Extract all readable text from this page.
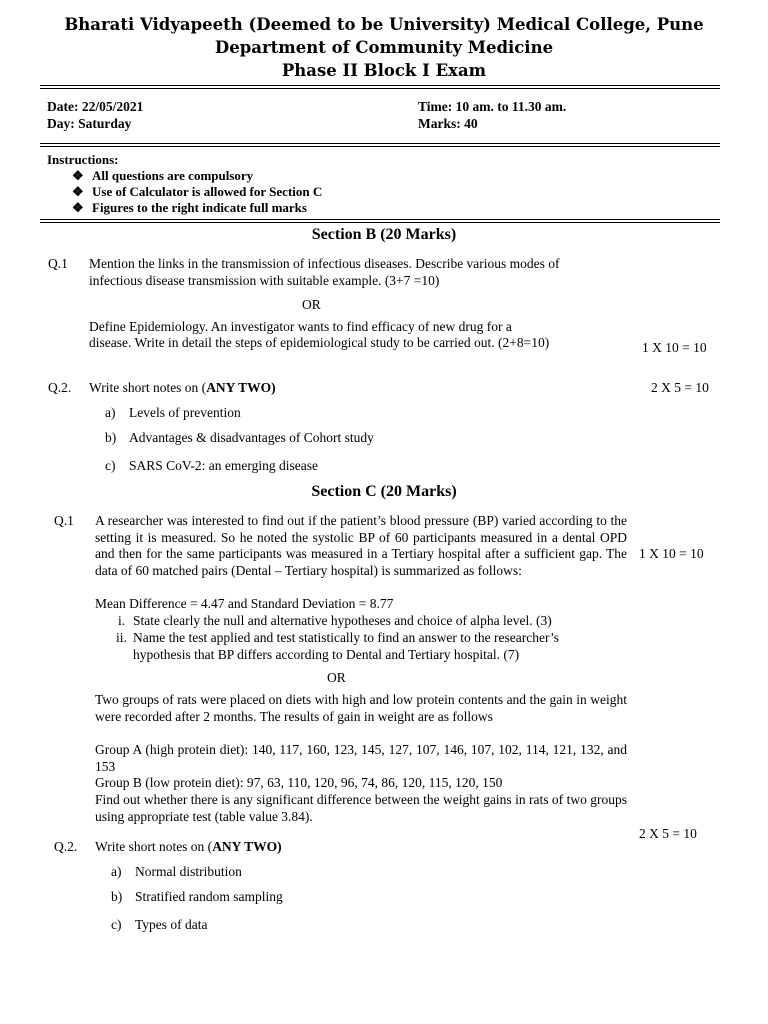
Bharati Vidyapeeth (Deemed to be University) Medical College, Pune
Department of Community Medicine
Phase II Block I Exam
Date: 22/05/2021
Day: Saturday
Time: 10 am. to 11.30 am.
Marks: 40
Instructions:
❖ All questions are compulsory
❖ Use of Calculator is allowed for Section C
❖ Figures to the right indicate full marks
Section B (20 Marks)
Q.1 Mention the links in the transmission of infectious diseases. Describe various modes of
infectious disease transmission with suitable example. (3+7 =10)
OR
Define Epidemiology. An investigator wants to find efficacy of new drug for a
disease. Write in detail the steps of epidemiological study to be carried out. (2+8=10)	1 X 10 = 10
Q.2. Write short notes on (ANY TWO)	2 X 5 = 10
a) Levels of prevention
b) Advantages & disadvantages of Cohort study
c) SARS CoV-2: an emerging disease
Section C (20 Marks)
Q.1 A researcher was interested to find out if the patient’s blood pressure (BP) varied according to the setting it is measured. So he noted the systolic BP of 60 participants measured in a dental OPD and then for the same participants was measured in a Tertiary hospital after a sufficient gap. The data of 60 matched pairs (Dental – Tertiary hospital) is summarized as follows:
1 X 10 = 10
Mean Difference = 4.47 and Standard Deviation = 8.77
i. State clearly the null and alternative hypotheses and choice of alpha level. (3)
ii. Name the test applied and test statistically to find an answer to the researcher’s
hypothesis that BP differs according to Dental and Tertiary hospital. (7)
OR
Two groups of rats were placed on diets with high and low protein contents and the gain in weight were recorded after 2 months. The results of gain in weight are as follows
Group A (high protein diet): 140, 117, 160, 123, 145, 127, 107, 146, 107, 102, 114, 121, 132, and 153
Group B (low protein diet): 97, 63, 110, 120, 96, 74, 86, 120, 115, 120, 150
Find out whether there is any significant difference between the weight gains in rats of two groups using appropriate test (table value 3.84).
2 X 5 = 10
Q.2. Write short notes on (ANY TWO)
a) Normal distribution
b) Stratified random sampling
c) Types of data
